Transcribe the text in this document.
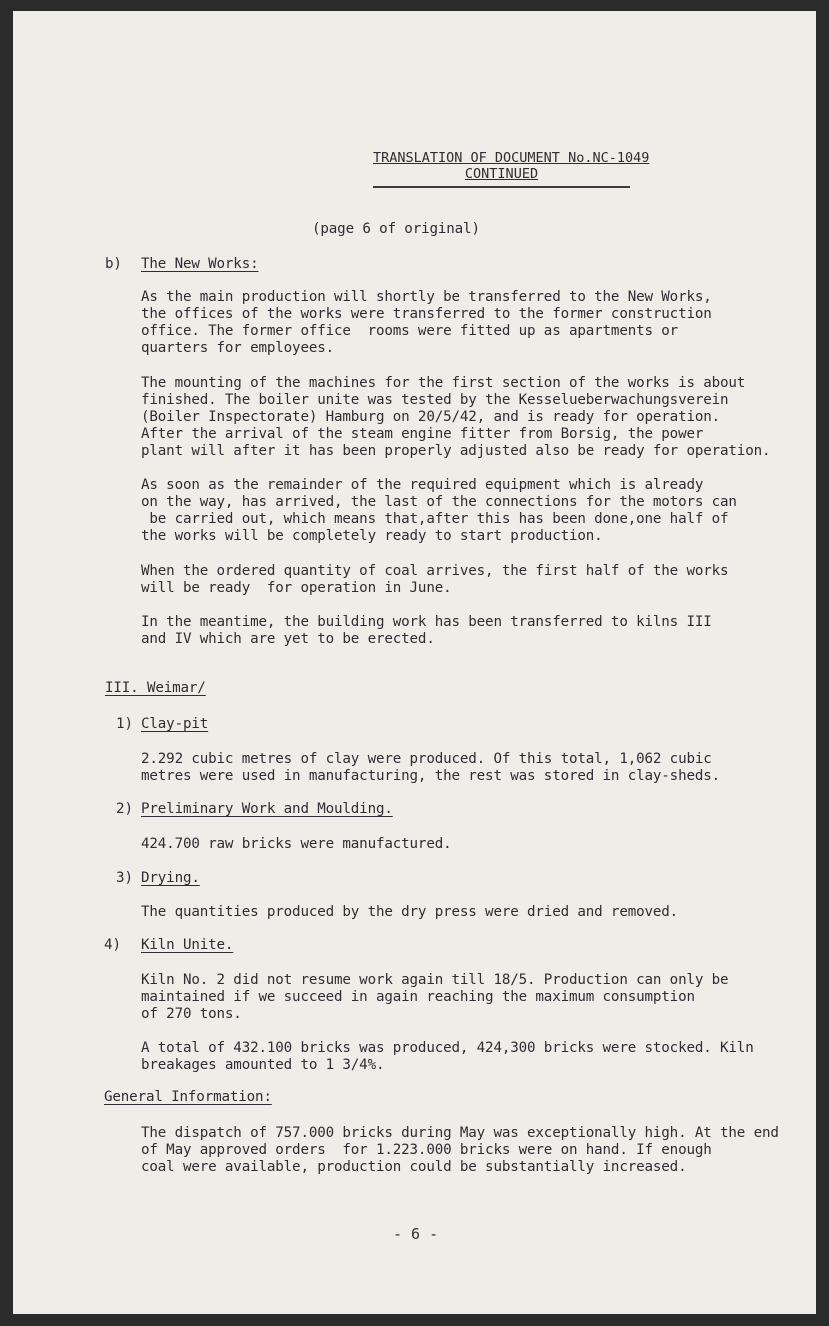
TRANSLATION OF DOCUMENT No.NC-1049
CONTINUED
(page 6 of original)
b) The New Works:
As the main production will shortly be transferred to the New Works,
the offices of the works were transferred to the former construction
office. The former office  rooms were fitted up as apartments or
quarters for employees.
The mounting of the machines for the first section of the works is about
finished. The boiler unite was tested by the Kesselueberwachungsverein
(Boiler Inspectorate) Hamburg on 20/5/42, and is ready for operation.
After the arrival of the steam engine fitter from Borsig, the power
plant will after it has been properly adjusted also be ready for operation.
As soon as the remainder of the required equipment which is already
on the way, has arrived, the last of the connections for the motors can
be carried out, which means that,after this has been done,one half of
the works will be completely ready to start production.
When the ordered quantity of coal arrives, the first half of the works
will be ready  for operation in June.
In the meantime, the building work has been transferred to kilns III
and IV which are yet to be erected.
III. Weimar/
1) Clay-pit
2.292 cubic metres of clay were produced. Of this total, 1,062 cubic
metres were used in manufacturing, the rest was stored in clay-sheds.
2) Preliminary Work and Moulding.
424.700 raw bricks were manufactured.
3) Drying.
The quantities produced by the dry press were dried and removed.
4) Kiln Unite.
Kiln No. 2 did not resume work again till 18/5. Production can only be
maintained if we succeed in again reaching the maximum consumption
of 270 tons.
A total of 432.100 bricks was produced, 424,300 bricks were stocked. Kiln
breakages amounted to 1 3/4%.
General Information:
The dispatch of 757.000 bricks during May was exceptionally high. At the end
of May approved orders  for 1.223.000 bricks were on hand. If enough
coal were available, production could be substantially increased.
- 6 -
